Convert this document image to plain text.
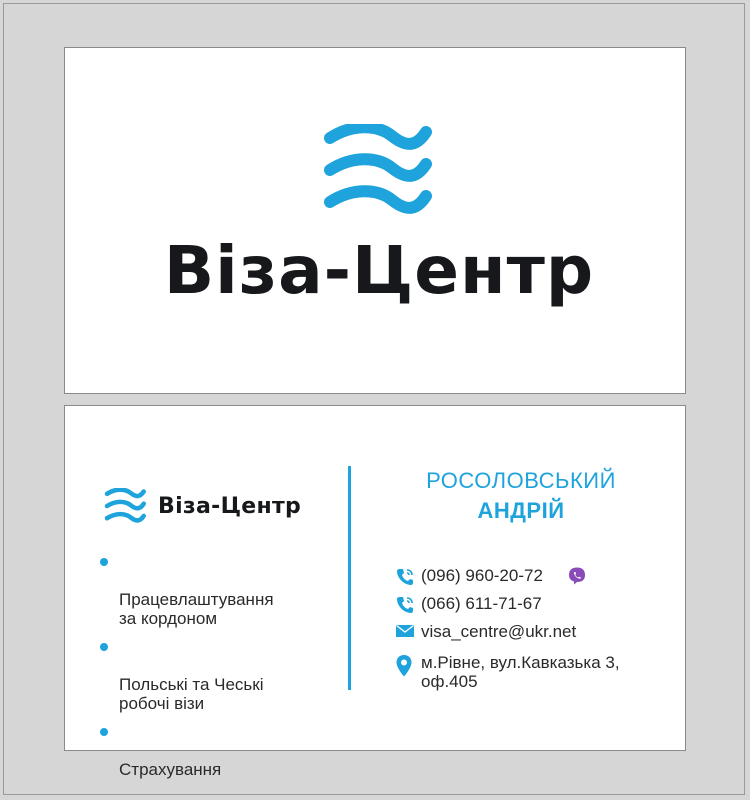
Віза-Центр
Віза-Центр

Працевлаштування
за кордоном

Польські та Чеські
робочі візи

Страхування

РОСОЛОВСЬКИЙ
АНДРІЙ
(096) 960-20-72
(066) 611-71-67
visa_centre@ukr.net
м.Рівне, вул.Кавказька 3,
оф.405
